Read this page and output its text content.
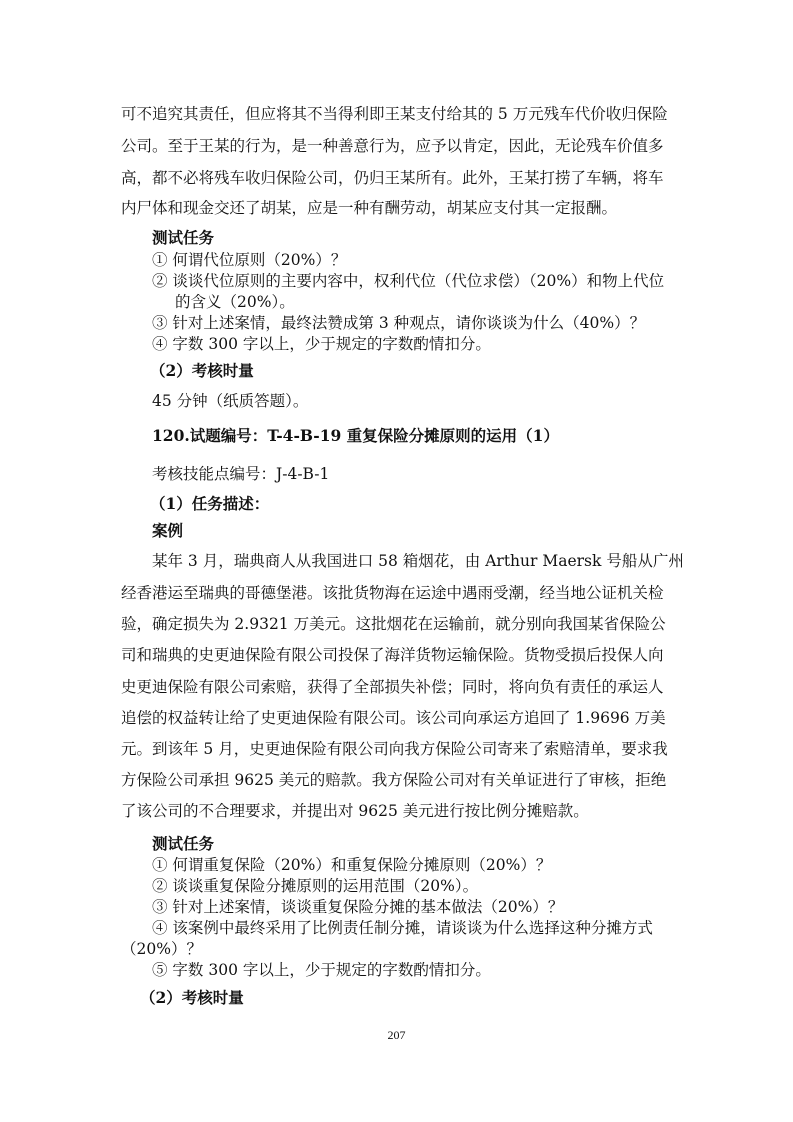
可不追究其责任，但应将其不当得利即王某支付给其的 5 万元残车代价收归保险
公司。至于王某的行为，是一种善意行为，应予以肯定，因此，无论残车价值多
高，都不必将残车收归保险公司，仍归王某所有。此外，王某打捞了车辆，将车
内尸体和现金交还了胡某，应是一种有酬劳动，胡某应支付其一定报酬。
测试任务
① 何谓代位原则（20%）？
② 谈谈代位原则的主要内容中，权利代位（代位求偿）（20%）和物上代位
的含义（20%）。
③ 针对上述案情，最终法赞成第 3 种观点，请你谈谈为什么（40%）？
④ 字数 300 字以上，少于规定的字数酌情扣分。
（2）考核时量
45 分钟（纸质答题）。
120.试题编号：T-4-B-19 重复保险分摊原则的运用（1）
考核技能点编号：J-4-B-1
（1）任务描述：
案例
某年 3 月，瑞典商人从我国进口 58 箱烟花，由 Arthur Maersk 号船从广州
经香港运至瑞典的哥德堡港。该批货物海在运途中遇雨受潮，经当地公证机关检
验，确定损失为 2.9321 万美元。这批烟花在运输前，就分别向我国某省保险公
司和瑞典的史更迪保险有限公司投保了海洋货物运输保险。货物受损后投保人向
史更迪保险有限公司索赔，获得了全部损失补偿；同时，将向负有责任的承运人
追偿的权益转让给了史更迪保险有限公司。该公司向承运方追回了 1.9696 万美
元。到该年 5 月，史更迪保险有限公司向我方保险公司寄来了索赔清单，要求我
方保险公司承担 9625 美元的赔款。我方保险公司对有关单证进行了审核，拒绝
了该公司的不合理要求，并提出对 9625 美元进行按比例分摊赔款。
测试任务
① 何谓重复保险（20%）和重复保险分摊原则（20%）？
② 谈谈重复保险分摊原则的运用范围（20%）。
③ 针对上述案情，谈谈重复保险分摊的基本做法（20%）？
④ 该案例中最终采用了比例责任制分摊，请谈谈为什么选择这种分摊方式
（20%）？
⑤ 字数 300 字以上，少于规定的字数酌情扣分。
（2）考核时量
207
